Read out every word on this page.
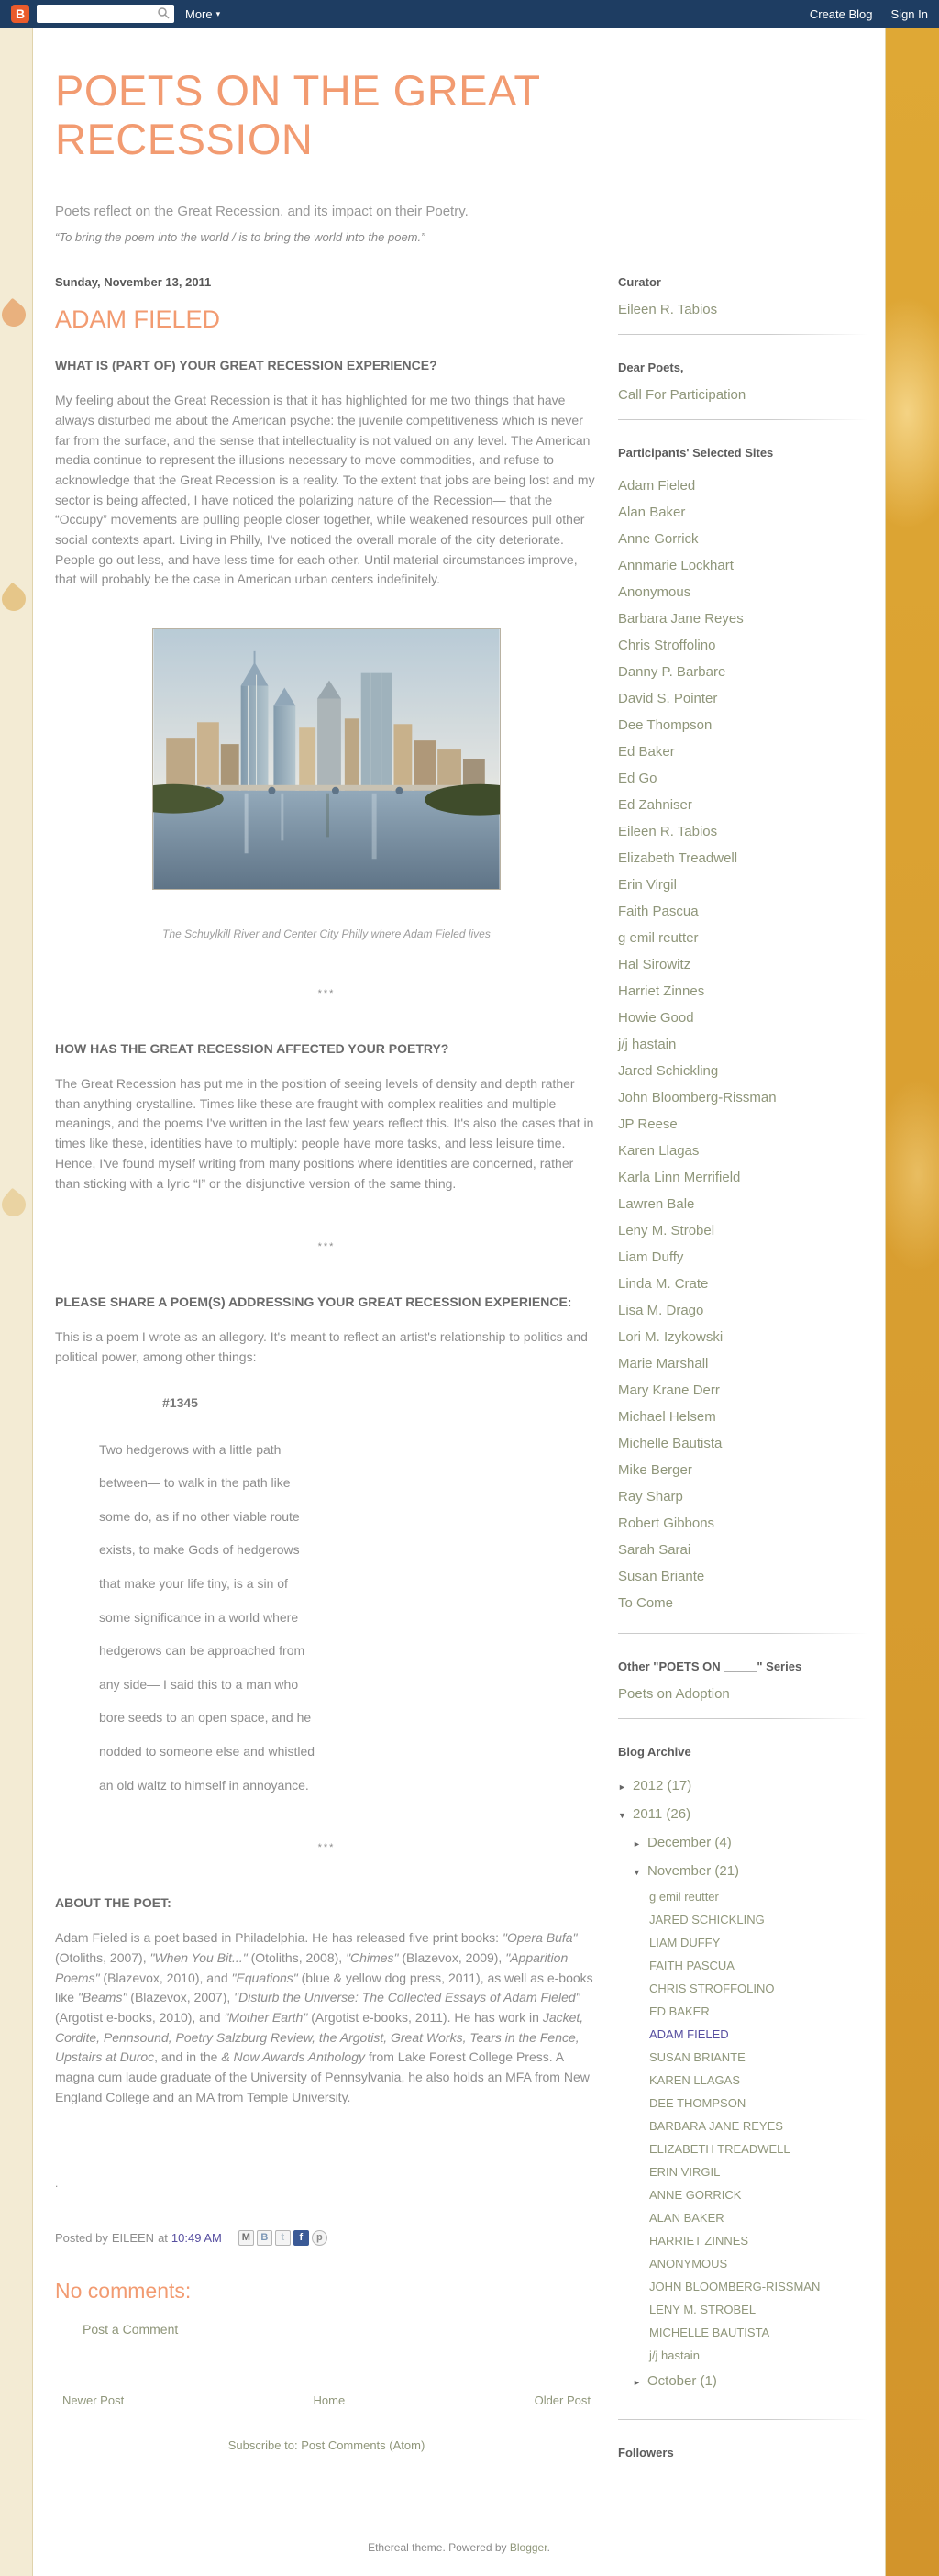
B	More ▾	Create Blog Sign In
POETS ON THE GREAT RECESSION
Poets reflect on the Great Recession, and its impact on their Poetry.
“To bring the poem into the world / is to bring the world into the poem.”
Sunday, November 13, 2011
ADAM FIELED
WHAT IS (PART OF) YOUR GREAT RECESSION EXPERIENCE?

My feeling about the Great Recession is that it has highlighted for me two things that have always disturbed me about the American psyche: the juvenile competitiveness which is never far from the surface, and the sense that intellectuality is not valued on any level. The American media continue to represent the illusions necessary to move commodities, and refuse to acknowledge that the Great Recession is a reality. To the extent that jobs are being lost and my sector is being affected, I have noticed the polarizing nature of the Recession— that the “Occupy” movements are pulling people closer together, while weakened resources pull other social contexts apart. Living in Philly, I've noticed the overall morale of the city deteriorate. People go out less, and have less time for each other. Until material circumstances improve, that will probably be the case in American urban centers indefinitely.

The Schuylkill River and Center City Philly where Adam Fieled lives
***
HOW HAS THE GREAT RECESSION AFFECTED YOUR POETRY?

The Great Recession has put me in the position of seeing levels of density and depth rather than anything crystalline. Times like these are fraught with complex realities and multiple meanings, and the poems I've written in the last few years reflect this. It's also the cases that in times like these, identities have to multiply: people have more tasks, and less leisure time. Hence, I've found myself writing from many positions where identities are concerned, rather than sticking with a lyric “I” or the disjunctive version of the same thing.

***
PLEASE SHARE A POEM(S) ADDRESSING YOUR GREAT RECESSION EXPERIENCE:

This is a poem I wrote as an allegory. It's meant to reflect an artist's relationship to politics and political power, among other things:

#1345

Two hedgerows with a little path

between— to walk in the path like

some do, as if no other viable route

exists, to make Gods of hedgerows

that make your life tiny, is a sin of

some significance in a world where

hedgerows can be approached from

any side— I said this to a man who

bore seeds to an open space, and he

nodded to someone else and whistled

an old waltz to himself in annoyance.

***
ABOUT THE POET:

Adam Fieled is a poet based in Philadelphia. He has released five print books: "Opera Bufa" (Otoliths, 2007), "When You Bit..." (Otoliths, 2008), "Chimes" (Blazevox, 2009), "Apparition Poems" (Blazevox, 2010), and "Equations" (blue & yellow dog press, 2011), as well as e-books like "Beams" (Blazevox, 2007), "Disturb the Universe: The Collected Essays of Adam Fieled" (Argotist e-books, 2010), and "Mother Earth" (Argotist e-books, 2011). He has work in Jacket, Cordite, Pennsound, Poetry Salzburg Review, the Argotist, Great Works, Tears in the Fence, Upstairs at Duroc, and in the & Now Awards Anthology from Lake Forest College Press. A magna cum laude graduate of the University of Pennsylvania, he also holds an MFA from New England College and an MA from Temple University.

.
Posted by EILEEN at 10:49 AM	M	B	t	f	p
No comments:
Post a Comment
Newer Post	Home	Older Post
Subscribe to: Post Comments (Atom)
Curator
Eileen R. Tabios
Dear Poets,
Call For Participation
Participants' Selected Sites
Adam Fieled
Alan Baker
Anne Gorrick
Annmarie Lockhart
Anonymous
Barbara Jane Reyes
Chris Stroffolino
Danny P. Barbare
David S. Pointer
Dee Thompson
Ed Baker
Ed Go
Ed Zahniser
Eileen R. Tabios
Elizabeth Treadwell
Erin Virgil
Faith Pascua
g emil reutter
Hal Sirowitz
Harriet Zinnes
Howie Good
j/j hastain
Jared Schickling
John Bloomberg-Rissman
JP Reese
Karen Llagas
Karla Linn Merrifield
Lawren Bale
Leny M. Strobel
Liam Duffy
Linda M. Crate
Lisa M. Drago
Lori M. Izykowski
Marie Marshall
Mary Krane Derr
Michael Helsem
Michelle Bautista
Mike Berger
Ray Sharp
Robert Gibbons
Sarah Sarai
Susan Briante
To Come
Other "POETS ON _____" Series
Poets on Adoption
Blog Archive
► 2012 (17)
▼ 2011 (26)
► December (4)
▼ November (21)
g emil reutter
JARED SCHICKLING
LIAM DUFFY
FAITH PASCUA
CHRIS STROFFOLINO
ED BAKER
ADAM FIELED
SUSAN BRIANTE
KAREN LLAGAS
DEE THOMPSON
BARBARA JANE REYES
ELIZABETH TREADWELL
ERIN VIRGIL
ANNE GORRICK
ALAN BAKER
HARRIET ZINNES
ANONYMOUS
JOHN BLOOMBERG-RISSMAN
LENY M. STROBEL
MICHELLE BAUTISTA
j/j hastain
► October (1)
Followers
Ethereal theme. Powered by Blogger.
